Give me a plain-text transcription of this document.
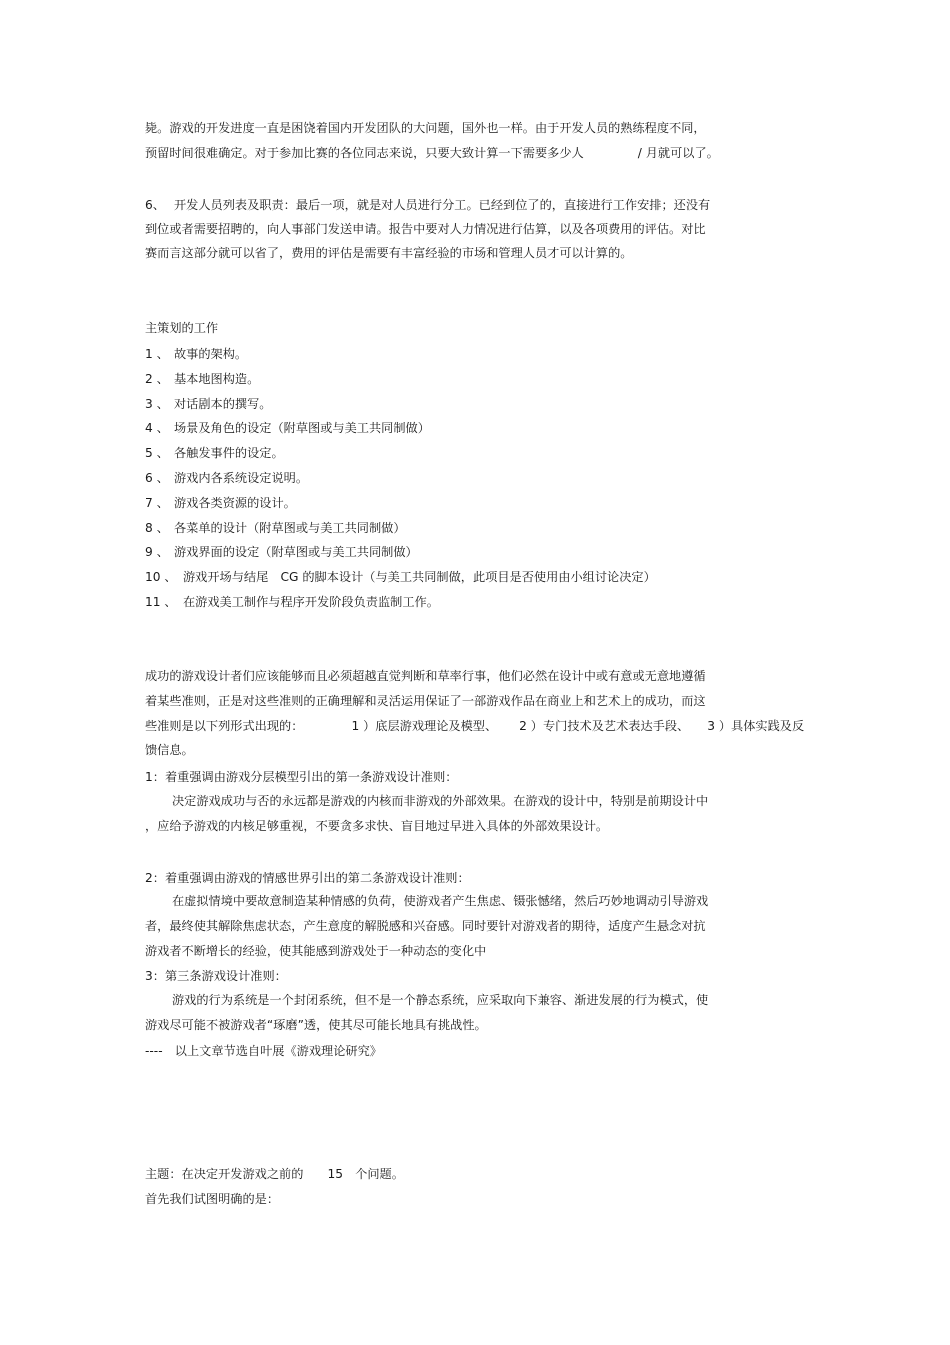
毙。游戏的开发进度一直是困饶着国内开发团队的大问题，国外也一样。由于开发人员的熟练程度不同，
预留时间很难确定。对于参加比赛的各位同志来说，只要大致计算一下需要多少人	/ 月就可以了。
6、 开发人员列表及职责：最后一项，就是对人员进行分工。已经到位了的，直接进行工作安排；还没有
到位或者需要招聘的，向人事部门发送申请。报告中要对人力情况进行估算，以及各项费用的评估。对比
赛而言这部分就可以省了，费用的评估是需要有丰富经验的市场和管理人员才可以计算的。
主策划的工作
1 、 故事的架构。
2 、 基本地图构造。
3 、 对话剧本的撰写。
4 、 场景及角色的设定（附草图或与美工共同制做）
5 、 各触发事件的设定。
6 、 游戏内各系统设定说明。
7 、 游戏各类资源的设计。
8 、 各菜单的设计（附草图或与美工共同制做）
9 、 游戏界面的设定（附草图或与美工共同制做）
10 、 游戏开场与结尾　CG 的脚本设计（与美工共同制做，此项目是否使用由小组讨论决定）
11 、 在游戏美工制作与程序开发阶段负责监制工作。
成功的游戏设计者们应该能够而且必须超越直觉判断和草率行事，他们必然在设计中或有意或无意地遵循
着某些准则，正是对这些准则的正确理解和灵活运用保证了一部游戏作品在商业上和艺术上的成功，而这
些准则是以下列形式出现的：	1 ）底层游戏理论及模型、 2 ）专门技术及艺术表达手段、 3 ）具体实践及反
馈信息。
1：着重强调由游戏分层模型引出的第一条游戏设计准则：
决定游戏成功与否的永远都是游戏的内核而非游戏的外部效果。在游戏的设计中，特别是前期设计中
，应给予游戏的内核足够重视，不要贪多求快、盲目地过早进入具体的外部效果设计。
2：着重强调由游戏的情感世界引出的第二条游戏设计准则：
在虚拟情境中要故意制造某种情感的负荷，使游戏者产生焦虑、镊张憾绪，然后巧妙地调动引导游戏
者，最终使其解除焦虑状态，产生意度的解脱感和兴奋感。同时要针对游戏者的期待，适度产生悬念对抗
游戏者不断增长的经验，使其能感到游戏处于一种动态的变化中
3：第三条游戏设计准则：
游戏的行为系统是一个封闭系统，但不是一个静态系统，应采取向下兼容、渐进发展的行为模式，使
游戏尽可能不被游戏者“琢磨”透，使其尽可能长地具有挑战性。
----　以上文章节选自叶展《游戏理论研究》
主题：在决定开发游戏之前的 15　个问题。
首先我们试图明确的是：
